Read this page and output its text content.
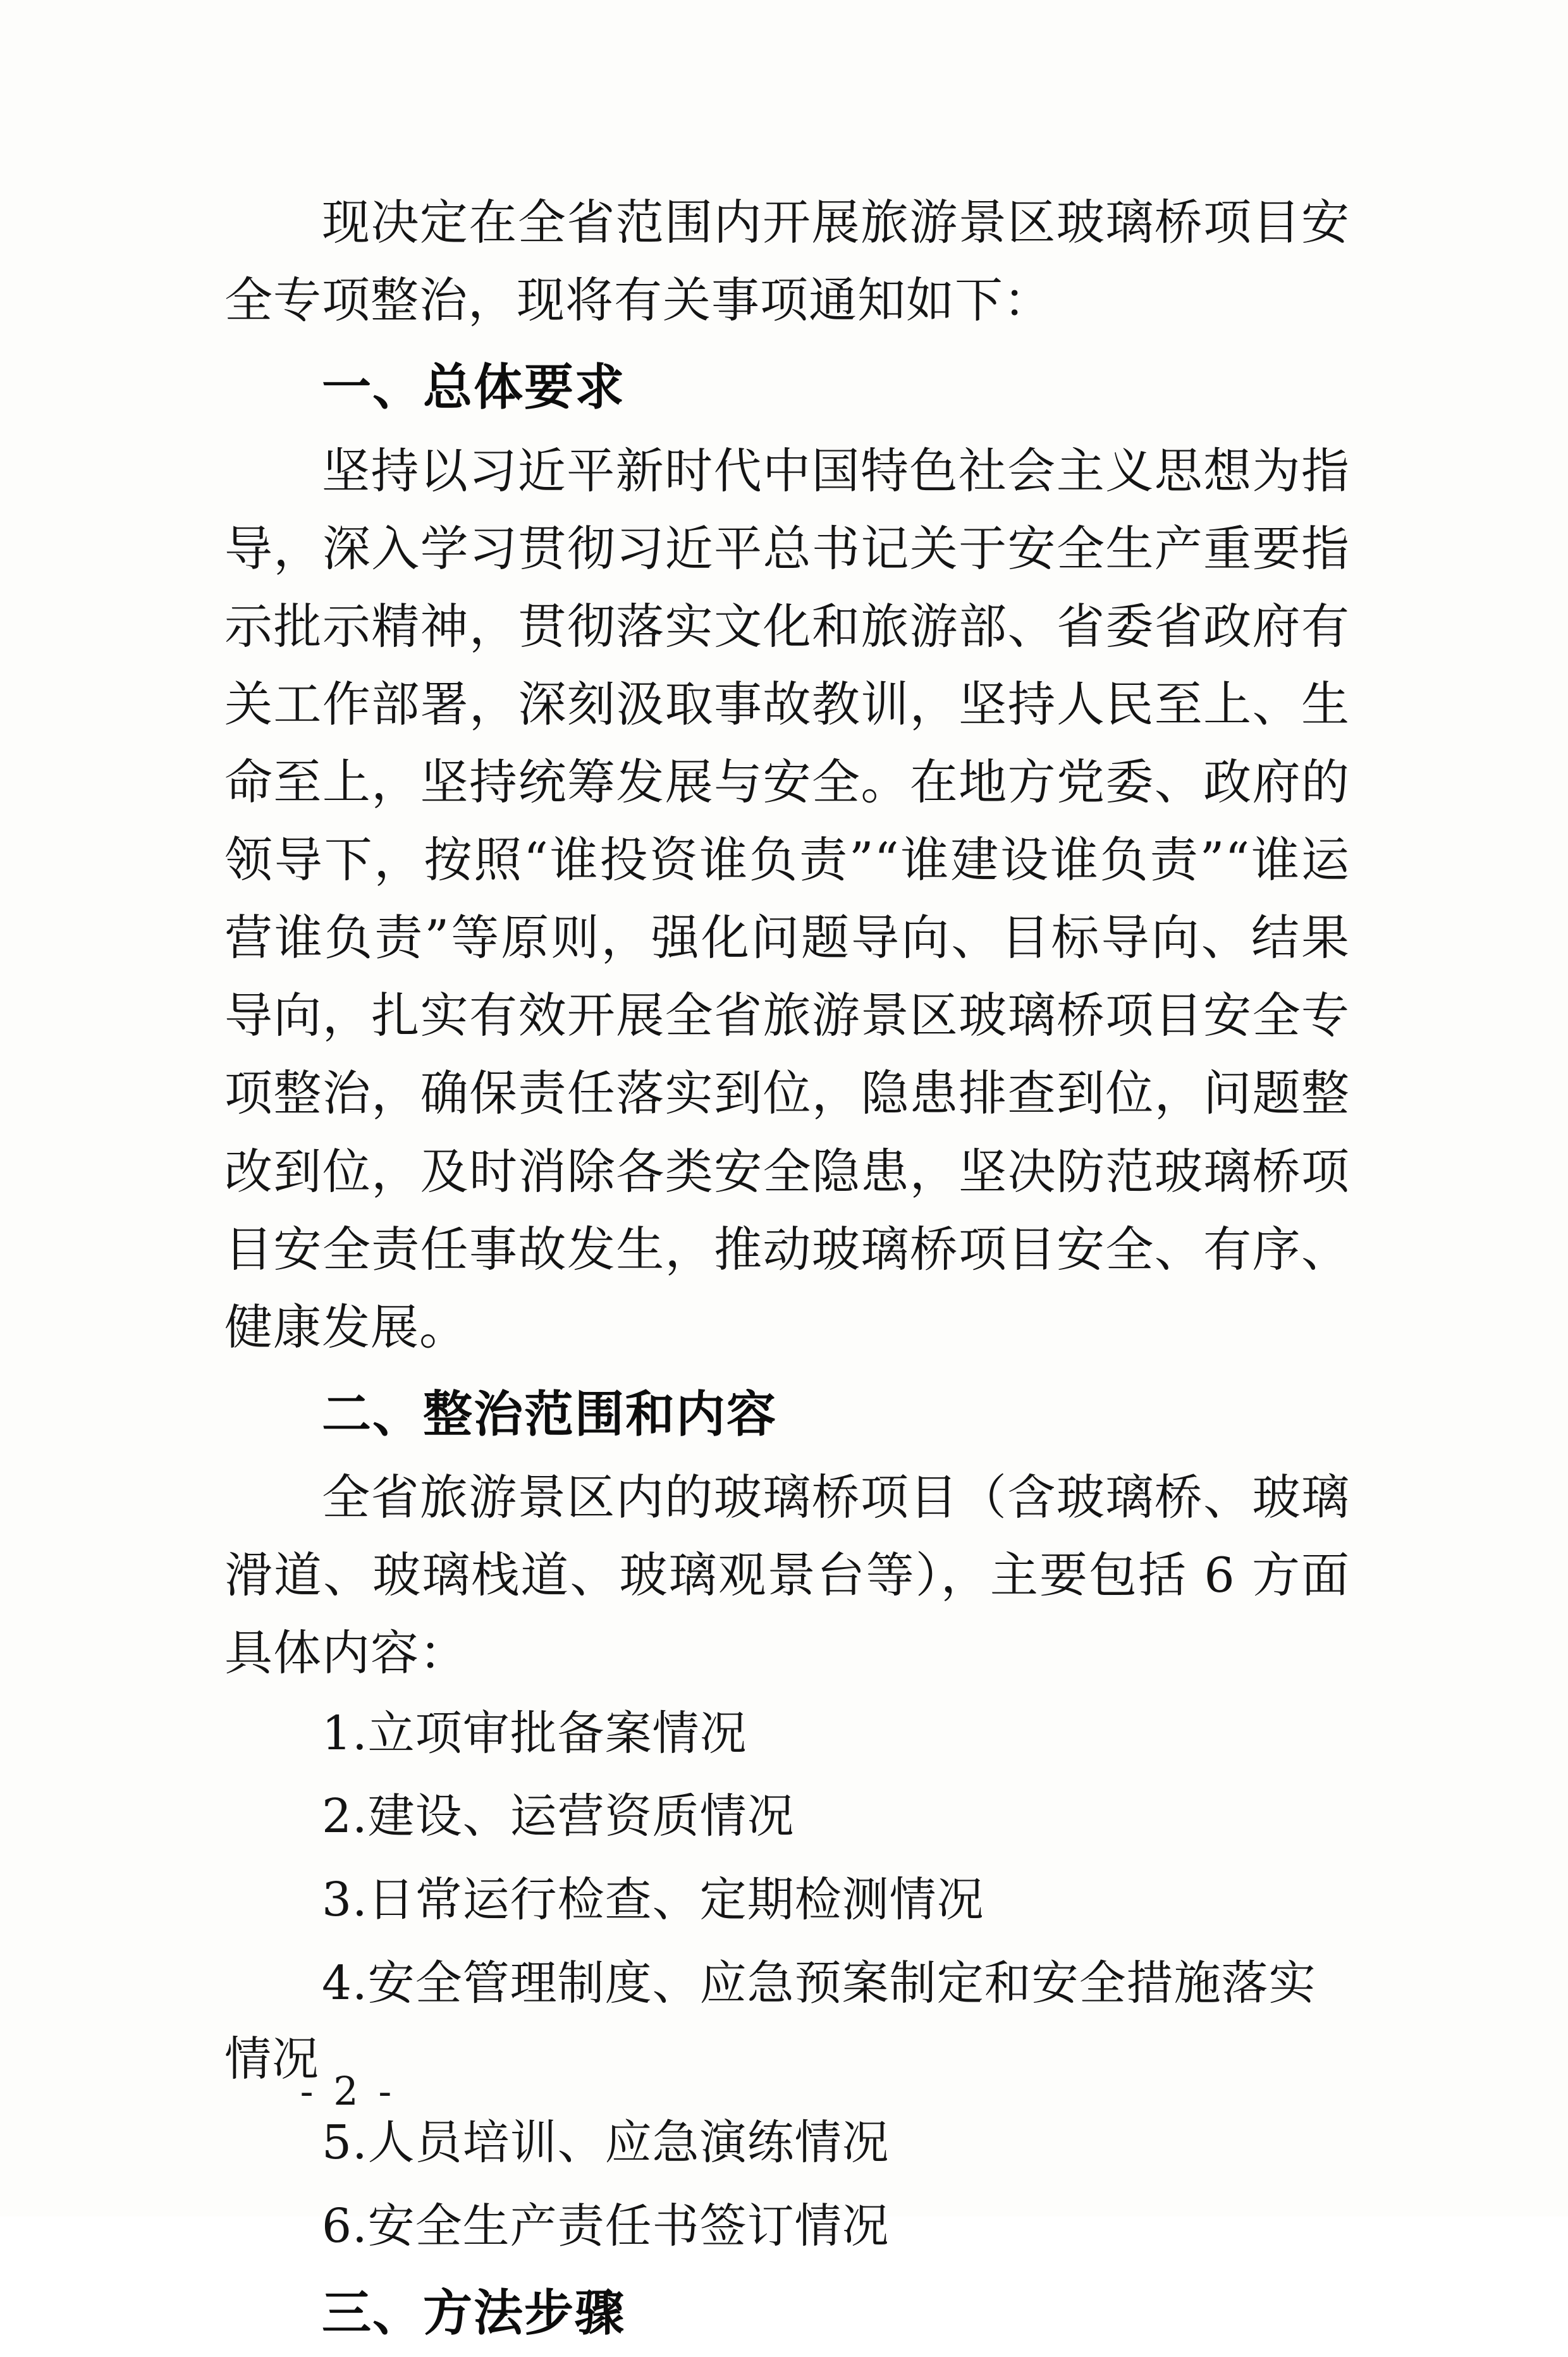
现决定在全省范围内开展旅游景区玻璃桥项目安全专项整治，现将有关事项通知如下：

一、总体要求

坚持以习近平新时代中国特色社会主义思想为指导，深入学习贯彻习近平总书记关于安全生产重要指示批示精神，贯彻落实文化和旅游部、省委省政府有关工作部署，深刻汲取事故教训，坚持人民至上、生命至上，坚持统筹发展与安全。在地方党委、政府的领导下，按照“谁投资谁负责”“谁建设谁负责”“谁运营谁负责”等原则，强化问题导向、目标导向、结果导向，扎实有效开展全省旅游景区玻璃桥项目安全专项整治，确保责任落实到位，隐患排查到位，问题整改到位，及时消除各类安全隐患，坚决防范玻璃桥项目安全责任事故发生，推动玻璃桥项目安全、有序、健康发展。

二、整治范围和内容

全省旅游景区内的玻璃桥项目（含玻璃桥、玻璃滑道、玻璃栈道、玻璃观景台等），主要包括 6 方面具体内容：

1.立项审批备案情况

2.建设、运营资质情况

3.日常运行检查、定期检测情况

4.安全管理制度、应急预案制定和安全措施落实情况

5.人员培训、应急演练情况

6.安全生产责任书签订情况

三、方法步骤

- 2 -
